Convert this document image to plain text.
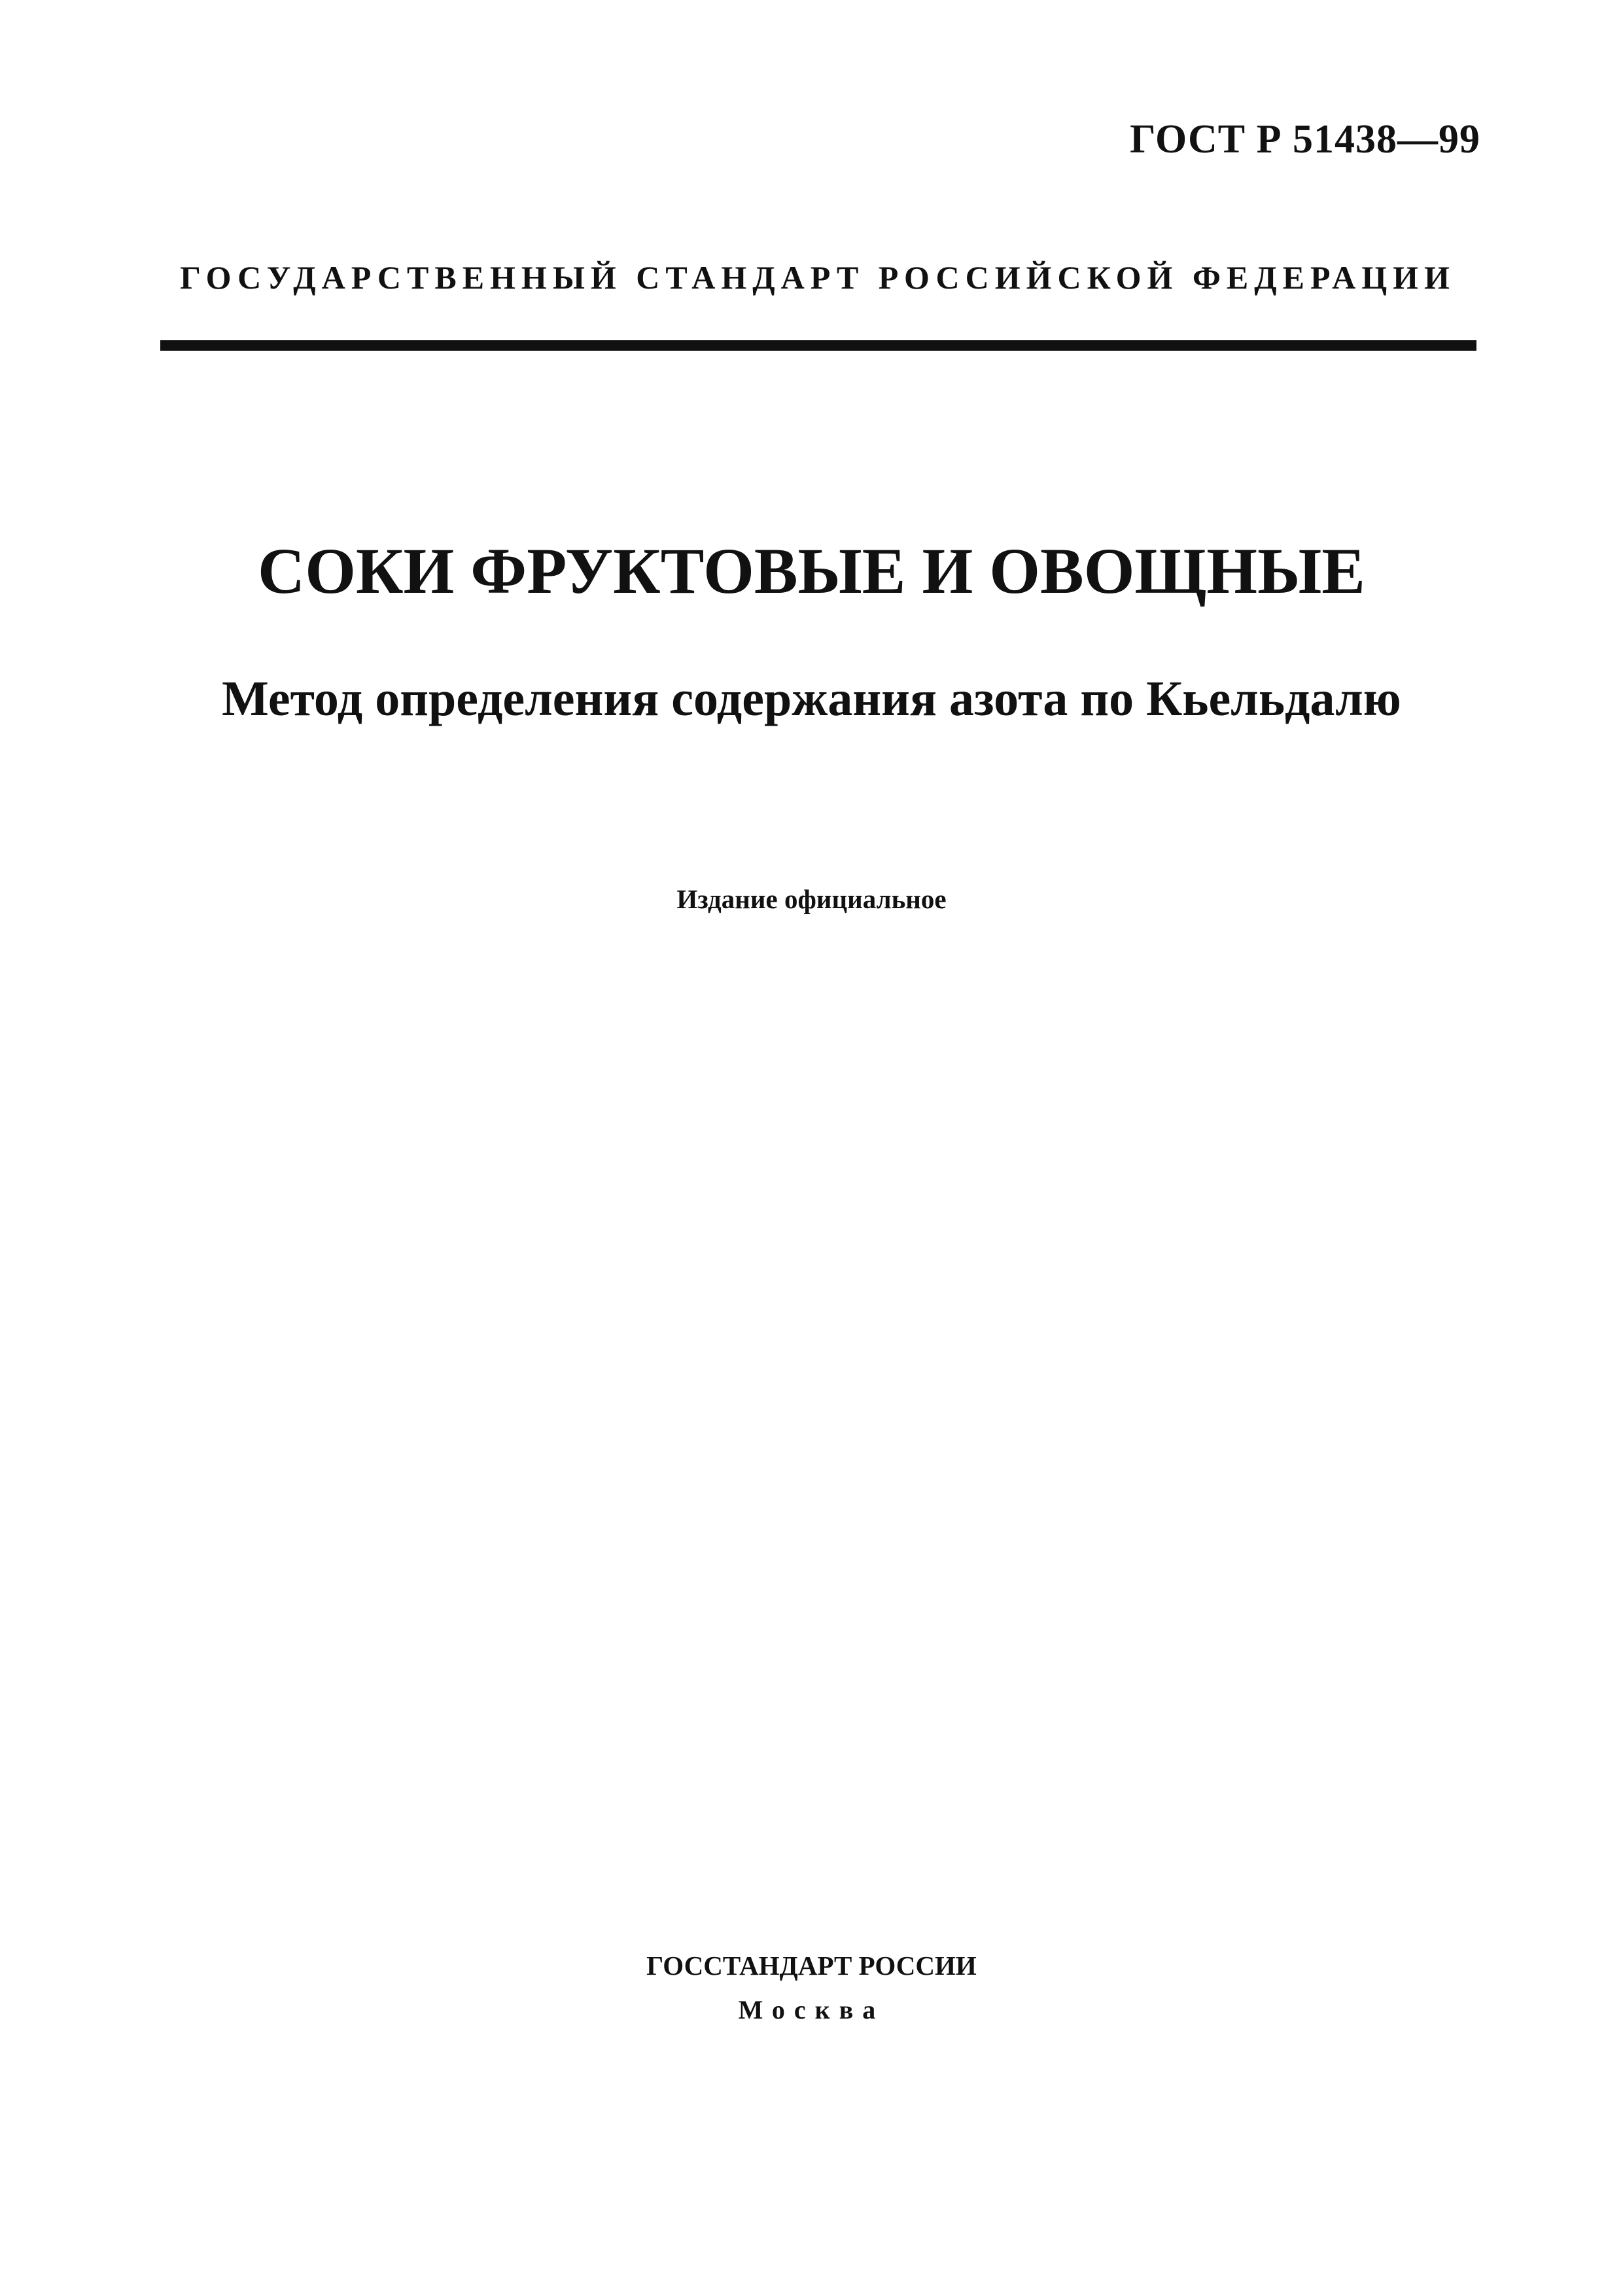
ГОСТ Р 51438—99
ГОСУДАРСТВЕННЫЙ СТАНДАРТ РОССИЙСКОЙ ФЕДЕРАЦИИ
СОКИ ФРУКТОВЫЕ И ОВОЩНЫЕ
Метод определения содержания азота по Кьельдалю
Издание официальное
ГОССТАНДАРТ РОССИИ
Москва
